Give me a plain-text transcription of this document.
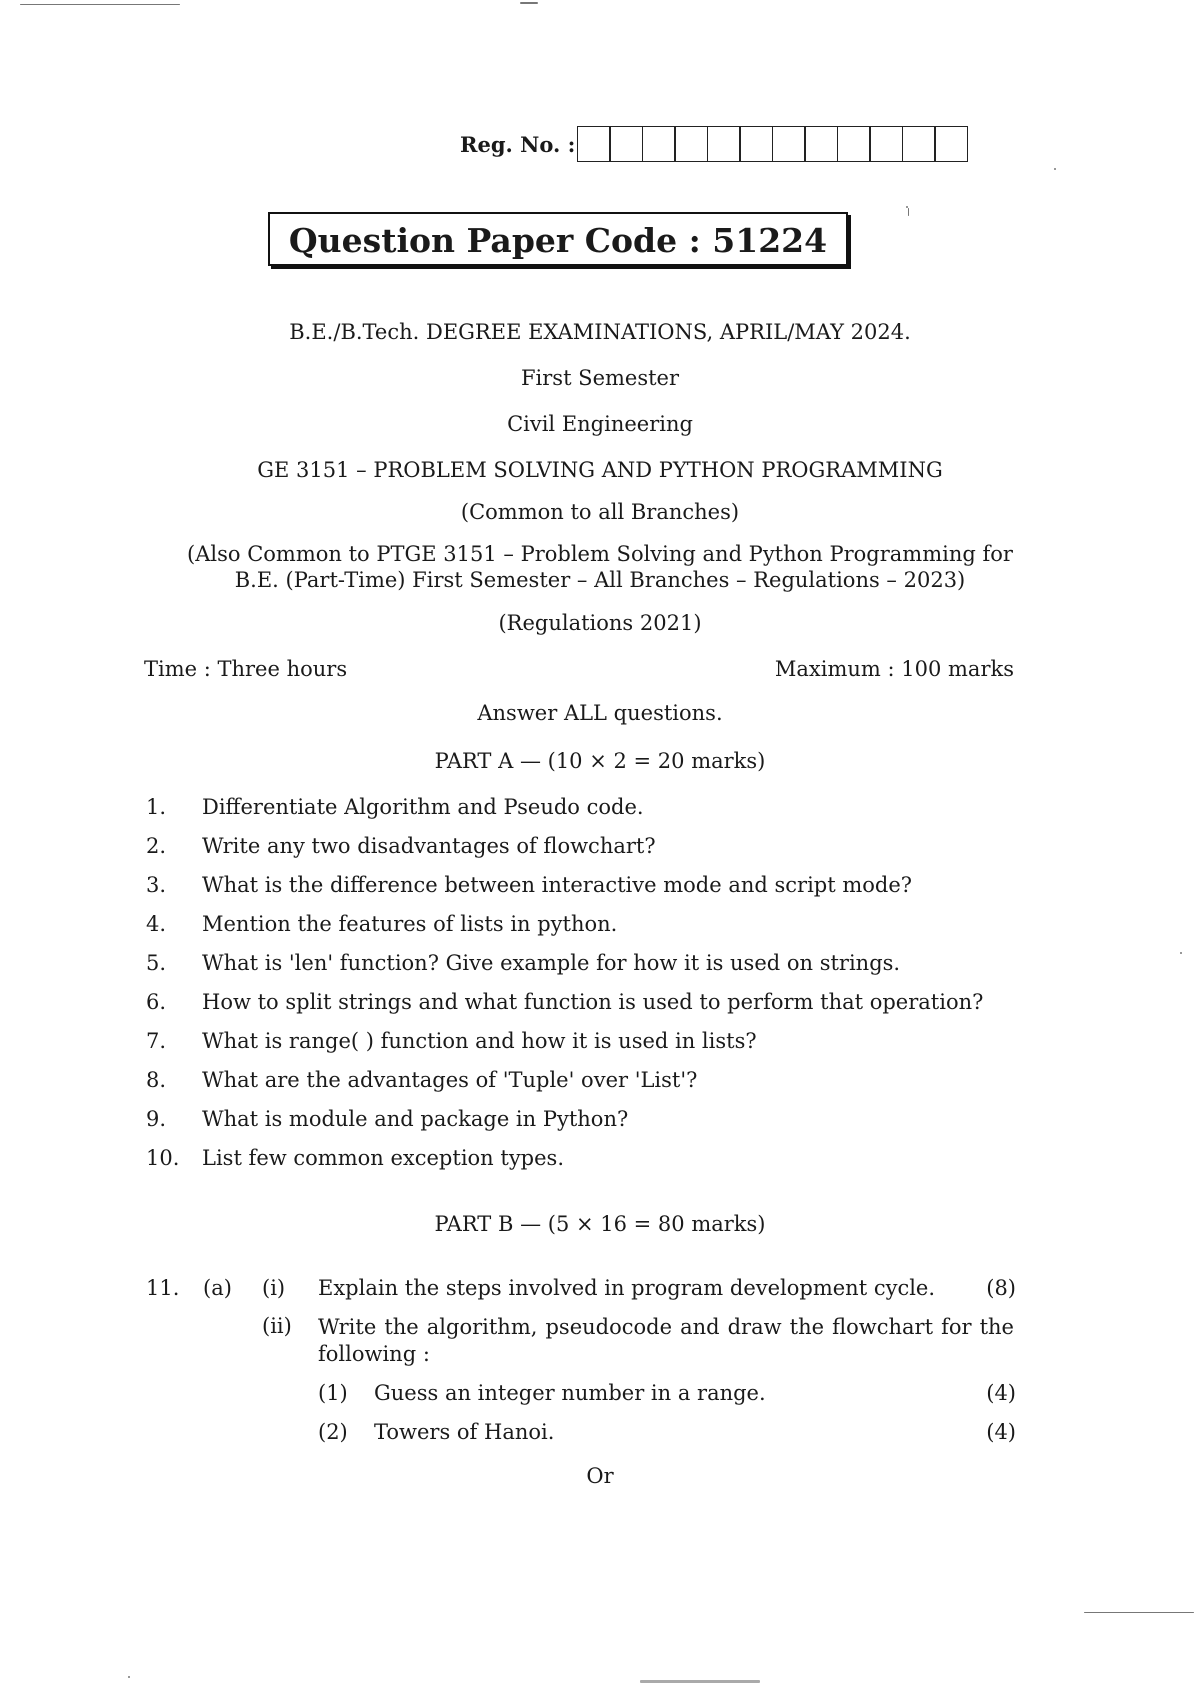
Reg. No. :
Question Paper Code : 51224
B.E./B.Tech. DEGREE EXAMINATIONS, APRIL/MAY 2024.
First Semester
Civil Engineering
GE 3151 – PROBLEM SOLVING AND PYTHON PROGRAMMING
(Common to all Branches)
(Also Common to PTGE 3151 – Problem Solving and Python Programming for
B.E. (Part-Time) First Semester – All Branches – Regulations – 2023)
(Regulations 2021)
Time : Three hours	Maximum : 100 marks
Answer ALL questions.
PART A — (10 × 2 = 20 marks)
1. Differentiate Algorithm and Pseudo code.
2. Write any two disadvantages of flowchart?
3. What is the difference between interactive mode and script mode?
4. Mention the features of lists in python.
5. What is 'len' function? Give example for how it is used on strings.
6. How to split strings and what function is used to perform that operation?
7. What is range( ) function and how it is used in lists?
8. What are the advantages of 'Tuple' over 'List'?
9. What is module and package in Python?
10. List few common exception types.
PART B — (5 × 16 = 80 marks)
11. (a) (i) Explain the steps involved in program development cycle. (8)
(ii) Write the algorithm, pseudocode and draw the flowchart for the following :
(1) Guess an integer number in a range.	(4)
(2) Towers of Hanoi.	(4)
Or
